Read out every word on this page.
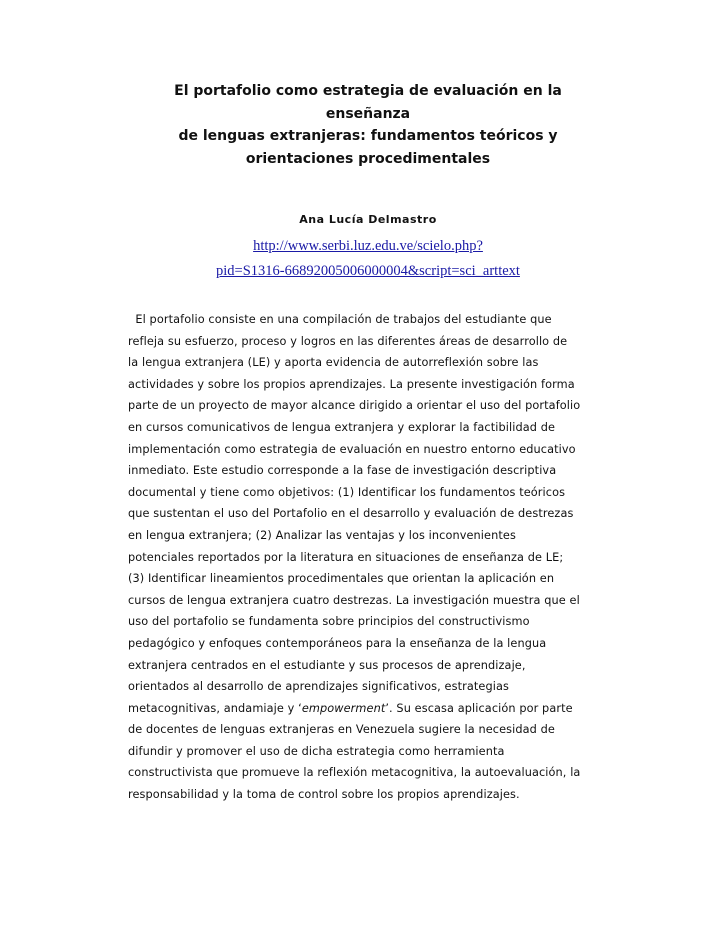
El portafolio como estrategia de evaluación en la
enseñanza
de lenguas extranjeras: fundamentos teóricos y
orientaciones procedimentales
Ana Lucía Delmastro
http://www.serbi.luz.edu.ve/scielo.php?
pid=S1316-66892005006000004&script=sci_arttext
El portafolio consiste en una compilación de trabajos del estudiante que
refleja su esfuerzo, proceso y logros en las diferentes áreas de desarrollo de
la lengua extranjera (LE) y aporta evidencia de autorreflexión sobre las
actividades y sobre los propios aprendizajes. La presente investigación forma
parte de un proyecto de mayor alcance dirigido a orientar el uso del portafolio
en cursos comunicativos de lengua extranjera y explorar la factibilidad de
implementación como estrategia de evaluación en nuestro entorno educativo
inmediato. Este estudio corresponde a la fase de investigación descriptiva
documental y tiene como objetivos: (1) Identificar los fundamentos teóricos
que sustentan el uso del Portafolio en el desarrollo y evaluación de destrezas
en lengua extranjera; (2) Analizar las ventajas y los inconvenientes
potenciales reportados por la literatura en situaciones de enseñanza de LE;
(3) Identificar lineamientos procedimentales que orientan la aplicación en
cursos de lengua extranjera cuatro destrezas. La investigación muestra que el
uso del portafolio se fundamenta sobre principios del constructivismo
pedagógico y enfoques contemporáneos para la enseñanza de la lengua
extranjera centrados en el estudiante y sus procesos de aprendizaje,
orientados al desarrollo de aprendizajes significativos, estrategias
metacognitivas, andamiaje y ‘empowerment’. Su escasa aplicación por parte
de docentes de lenguas extranjeras en Venezuela sugiere la necesidad de
difundir y promover el uso de dicha estrategia como herramienta
constructivista que promueve la reflexión metacognitiva, la autoevaluación, la
responsabilidad y la toma de control sobre los propios aprendizajes.
